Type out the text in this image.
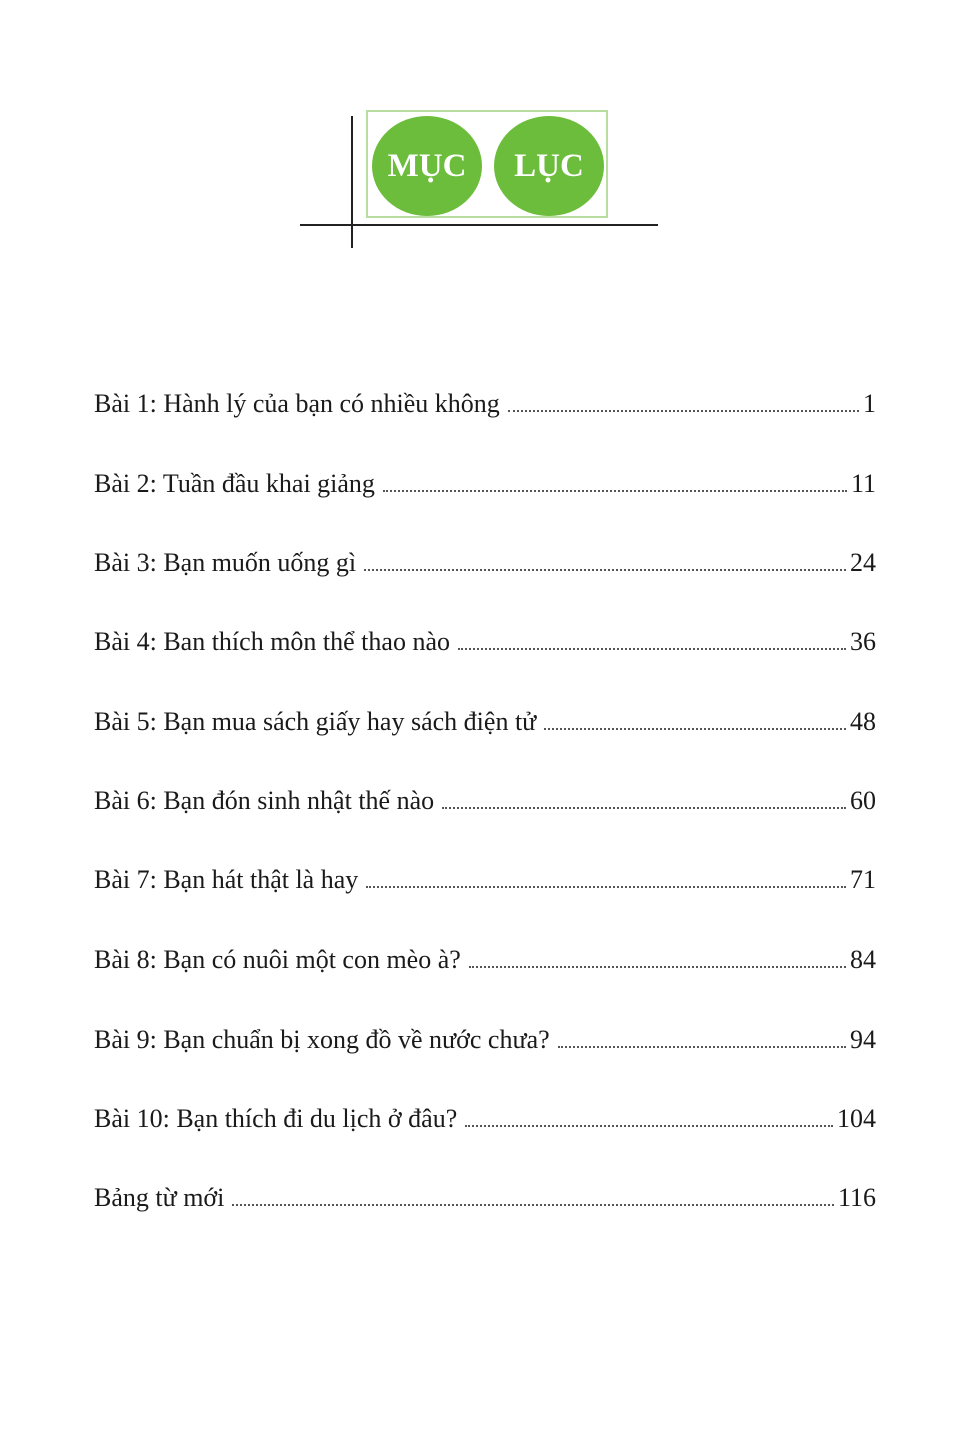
MỤC LỤC
Bài 1: Hành lý của bạn có nhiều không	1
Bài 2: Tuần đầu khai giảng	11
Bài 3: Bạn muốn uống gì	24
Bài 4: Ban thích môn thể thao nào	36
Bài 5: Bạn mua sách giấy hay sách điện tử	48
Bài 6: Bạn đón sinh nhật thế nào	60
Bài 7: Bạn hát thật là hay	71
Bài 8: Bạn có nuôi một con mèo à?	84
Bài 9: Bạn chuẩn bị xong đồ về nước chưa?	94
Bài 10: Bạn thích đi du lịch ở đâu?	104
Bảng từ mới	116
